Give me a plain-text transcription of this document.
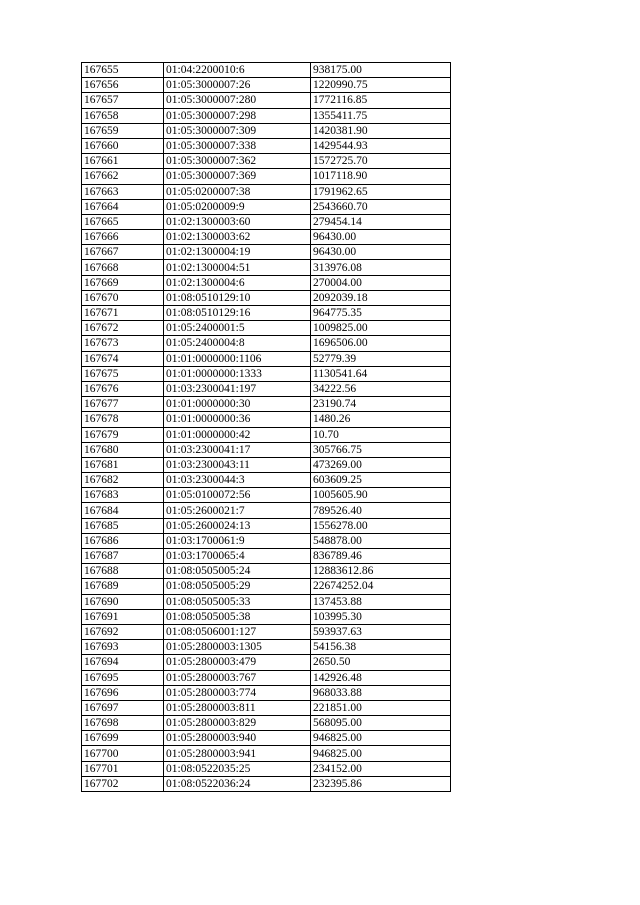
167655	01:04:2200010:6	938175.00
167656	01:05:3000007:26	1220990.75
167657	01:05:3000007:280	1772116.85
167658	01:05:3000007:298	1355411.75
167659	01:05:3000007:309	1420381.90
167660	01:05:3000007:338	1429544.93
167661	01:05:3000007:362	1572725.70
167662	01:05:3000007:369	1017118.90
167663	01:05:0200007:38	1791962.65
167664	01:05:0200009:9	2543660.70
167665	01:02:1300003:60	279454.14
167666	01:02:1300003:62	96430.00
167667	01:02:1300004:19	96430.00
167668	01:02:1300004:51	313976.08
167669	01:02:1300004:6	270004.00
167670	01:08:0510129:10	2092039.18
167671	01:08:0510129:16	964775.35
167672	01:05:2400001:5	1009825.00
167673	01:05:2400004:8	1696506.00
167674	01:01:0000000:1106	52779.39
167675	01:01:0000000:1333	1130541.64
167676	01:03:2300041:197	34222.56
167677	01:01:0000000:30	23190.74
167678	01:01:0000000:36	1480.26
167679	01:01:0000000:42	10.70
167680	01:03:2300041:17	305766.75
167681	01:03:2300043:11	473269.00
167682	01:03:2300044:3	603609.25
167683	01:05:0100072:56	1005605.90
167684	01:05:2600021:7	789526.40
167685	01:05:2600024:13	1556278.00
167686	01:03:1700061:9	548878.00
167687	01:03:1700065:4	836789.46
167688	01:08:0505005:24	12883612.86
167689	01:08:0505005:29	22674252.04
167690	01:08:0505005:33	137453.88
167691	01:08:0505005:38	103995.30
167692	01:08:0506001:127	593937.63
167693	01:05:2800003:1305	54156.38
167694	01:05:2800003:479	2650.50
167695	01:05:2800003:767	142926.48
167696	01:05:2800003:774	968033.88
167697	01:05:2800003:811	221851.00
167698	01:05:2800003:829	568095.00
167699	01:05:2800003:940	946825.00
167700	01:05:2800003:941	946825.00
167701	01:08:0522035:25	234152.00
167702	01:08:0522036:24	232395.86
